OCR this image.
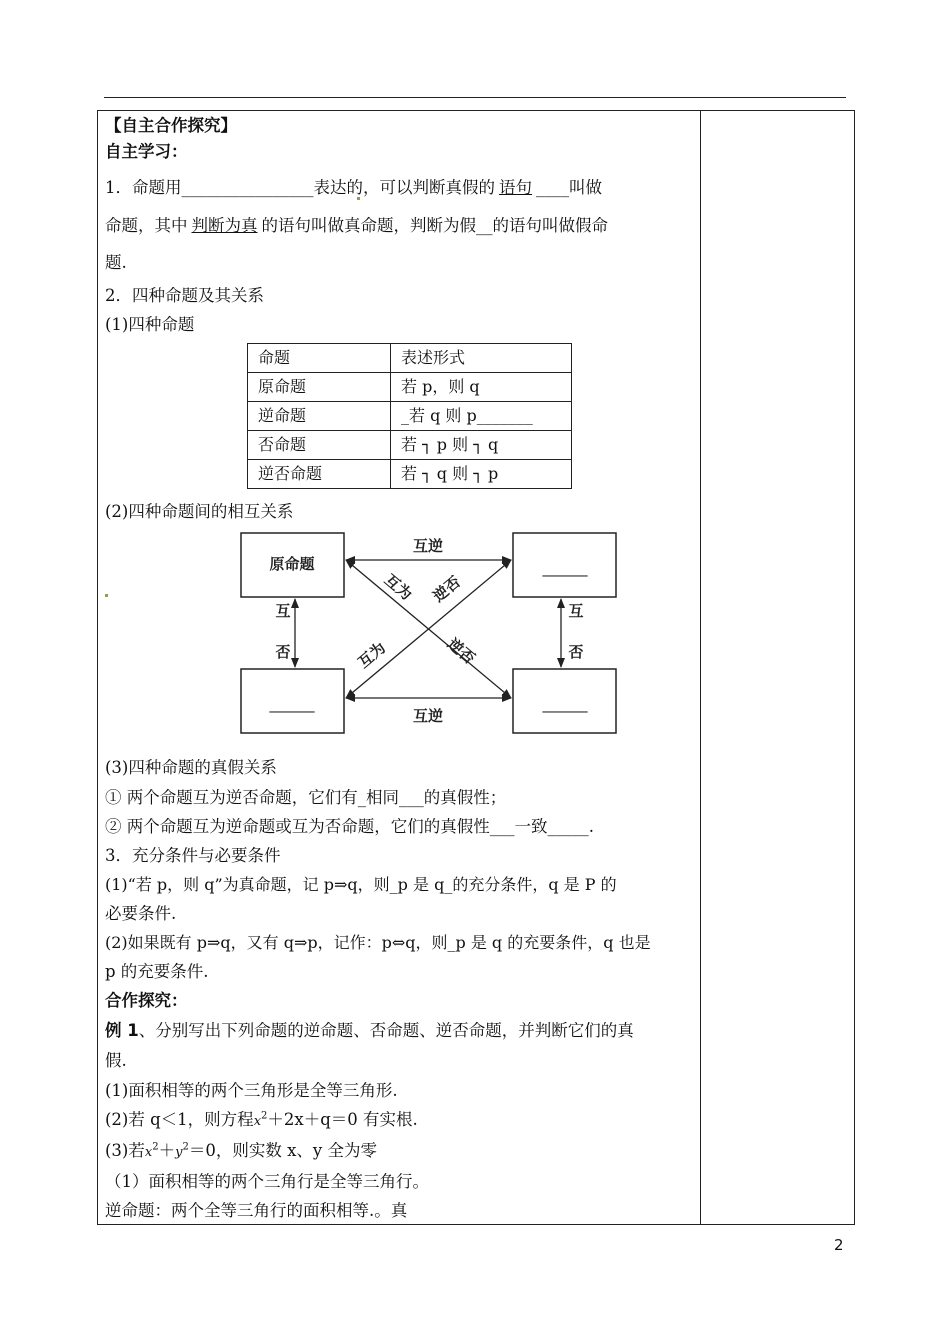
【自主合作探究】
自主学习：
1．命题用________________表达的，可以判断真假的 语句 ____叫做
命题，其中 判断为真 的语句叫做真命题，判断为假__的语句叫做假命
题.
2．四种命题及其关系
(1)四种命题
命题	表述形式
原命题	若 p，则 q
逆命题	_若 q 则 p_______
否命题	若 ┐ p 则 ┐ q
逆否命题	若 ┐ q 则 ┐ p
(2)四种命题间的相互关系
原命题	______
______	______
互逆
互逆
互
否
互
否
互为
逆否
互为
逆否
(3)四种命题的真假关系
① 两个命题互为逆否命题，它们有_相同___的真假性；
② 两个命题互为逆命题或互为否命题，它们的真假性___一致_____.
3．充分条件与必要条件
(1)“若 p，则 q”为真命题，记 p⇒q，则_p 是 q_的充分条件，q 是 P 的
必要条件.
(2)如果既有 p⇒q，又有 q⇒p，记作：p⇔q，则_p 是 q 的充要条件，q 也是
p 的充要条件.
合作探究：
例 1、分别写出下列命题的逆命题、否命题、逆否命题，并判断它们的真
假.
(1)面积相等的两个三角形是全等三角形.
(2)若 q＜1，则方程$x^2+2x+q=0$ 有实根.
(3)若$x^2+y^2=0$，则实数 x、y 全为零
（1）面积相等的两个三角行是全等三角行。
逆命题：两个全等三角行的面积相等.。真
2
